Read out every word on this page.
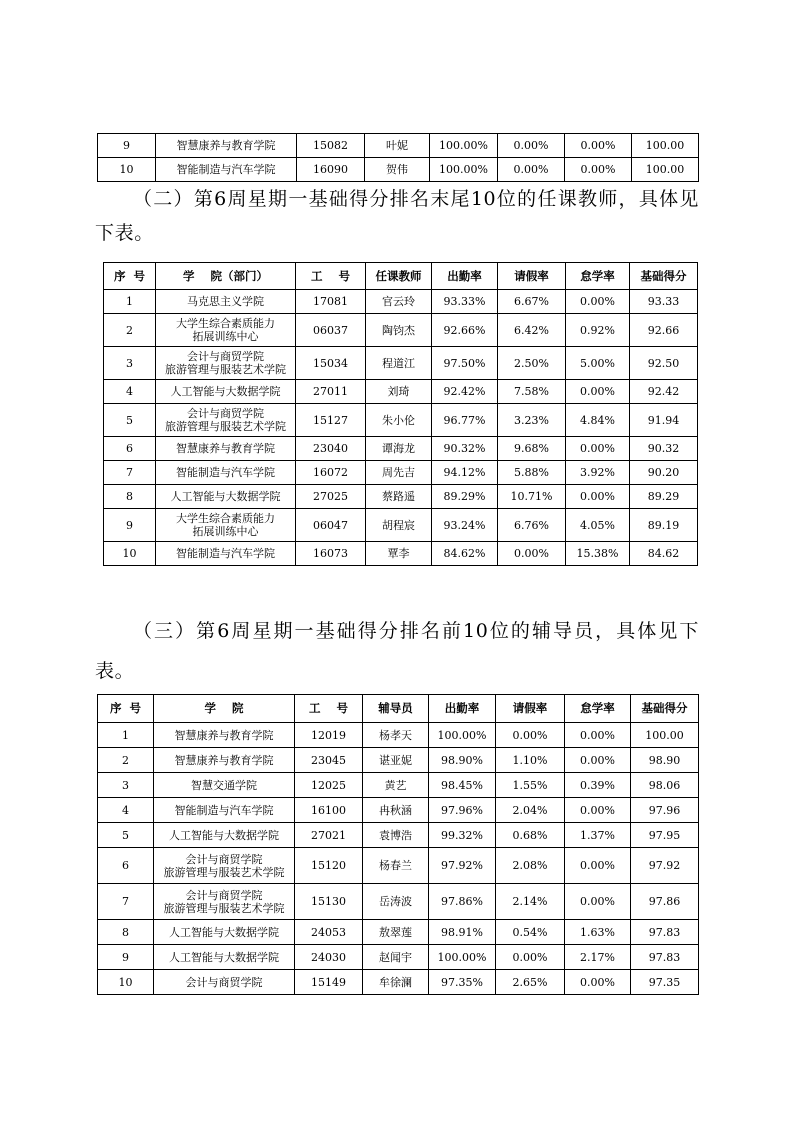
9	智慧康养与教育学院	15082	叶妮	100.00%	0.00%	0.00%	100.00
10	智能制造与汽车学院	16090	贺伟	100.00%	0.00%	0.00%	100.00
（二）第6周星期一基础得分排名末尾10位的任课教师，具体见下表。
序  号	学    院（部门）	工    号	任课教师	出勤率	请假率	怠学率	基础得分
1	马克思主义学院	17081	官云玲	93.33%	6.67%	0.00%	93.33
2	大学生综合素质能力
拓展训练中心	06037	陶钧杰	92.66%	6.42%	0.92%	92.66
3	会计与商贸学院
旅游管理与服装艺术学院	15034	程道江	97.50%	2.50%	5.00%	92.50
4	人工智能与大数据学院	27011	刘琦	92.42%	7.58%	0.00%	92.42
5	会计与商贸学院
旅游管理与服装艺术学院	15127	朱小伦	96.77%	3.23%	4.84%	91.94
6	智慧康养与教育学院	23040	谭海龙	90.32%	9.68%	0.00%	90.32
7	智能制造与汽车学院	16072	周先吉	94.12%	5.88%	3.92%	90.20
8	人工智能与大数据学院	27025	蔡路遥	89.29%	10.71%	0.00%	89.29
9	大学生综合素质能力
拓展训练中心	06047	胡程宸	93.24%	6.76%	4.05%	89.19
10	智能制造与汽车学院	16073	覃李	84.62%	0.00%	15.38%	84.62
（三）第6周星期一基础得分排名前10位的辅导员，具体见下表。
序  号	学    院	工    号	辅导员	出勤率	请假率	怠学率	基础得分
1	智慧康养与教育学院	12019	杨孝天	100.00%	0.00%	0.00%	100.00
2	智慧康养与教育学院	23045	谌亚妮	98.90%	1.10%	0.00%	98.90
3	智慧交通学院	12025	黄艺	98.45%	1.55%	0.39%	98.06
4	智能制造与汽车学院	16100	冉秋涵	97.96%	2.04%	0.00%	97.96
5	人工智能与大数据学院	27021	袁博浩	99.32%	0.68%	1.37%	97.95
6	会计与商贸学院
旅游管理与服装艺术学院	15120	杨春兰	97.92%	2.08%	0.00%	97.92
7	会计与商贸学院
旅游管理与服装艺术学院	15130	岳涛波	97.86%	2.14%	0.00%	97.86
8	人工智能与大数据学院	24053	敖翠莲	98.91%	0.54%	1.63%	97.83
9	人工智能与大数据学院	24030	赵闻宇	100.00%	0.00%	2.17%	97.83
10	会计与商贸学院	15149	牟徐澜	97.35%	2.65%	0.00%	97.35
